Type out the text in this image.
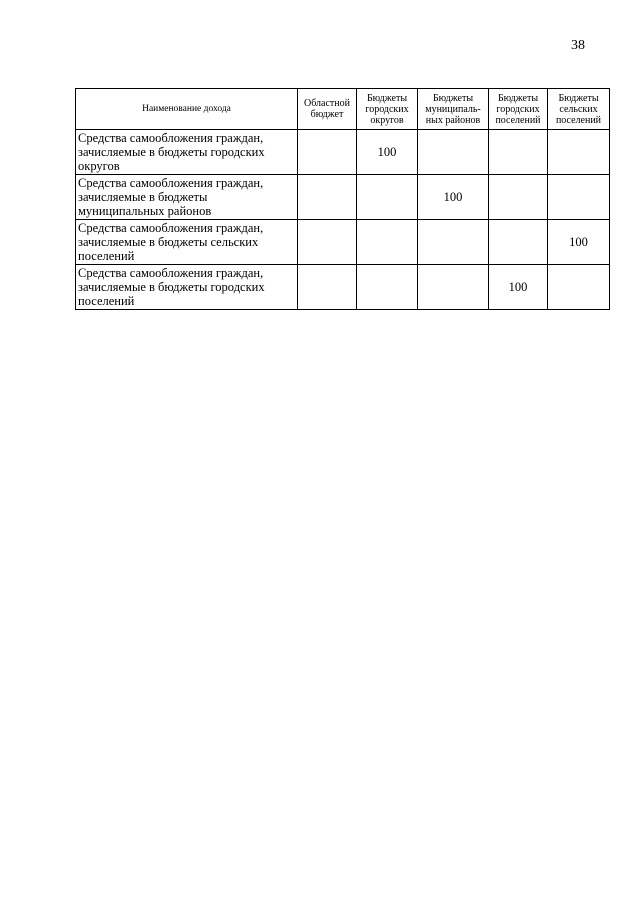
38
Наименование дохода	Областной бюджет	Бюджеты городских округов	Бюджеты муниципаль-ных районов	Бюджеты городских поселений	Бюджеты сельских поселений
Средства самообложения граждан, зачисляемые в бюджеты городских округов		100			
Средства самообложения граждан, зачисляемые в бюджеты муниципальных районов			100		
Средства самообложения граждан, зачисляемые в бюджеты сельских поселений					100
Средства самообложения граждан, зачисляемые в бюджеты городских поселений				100	
